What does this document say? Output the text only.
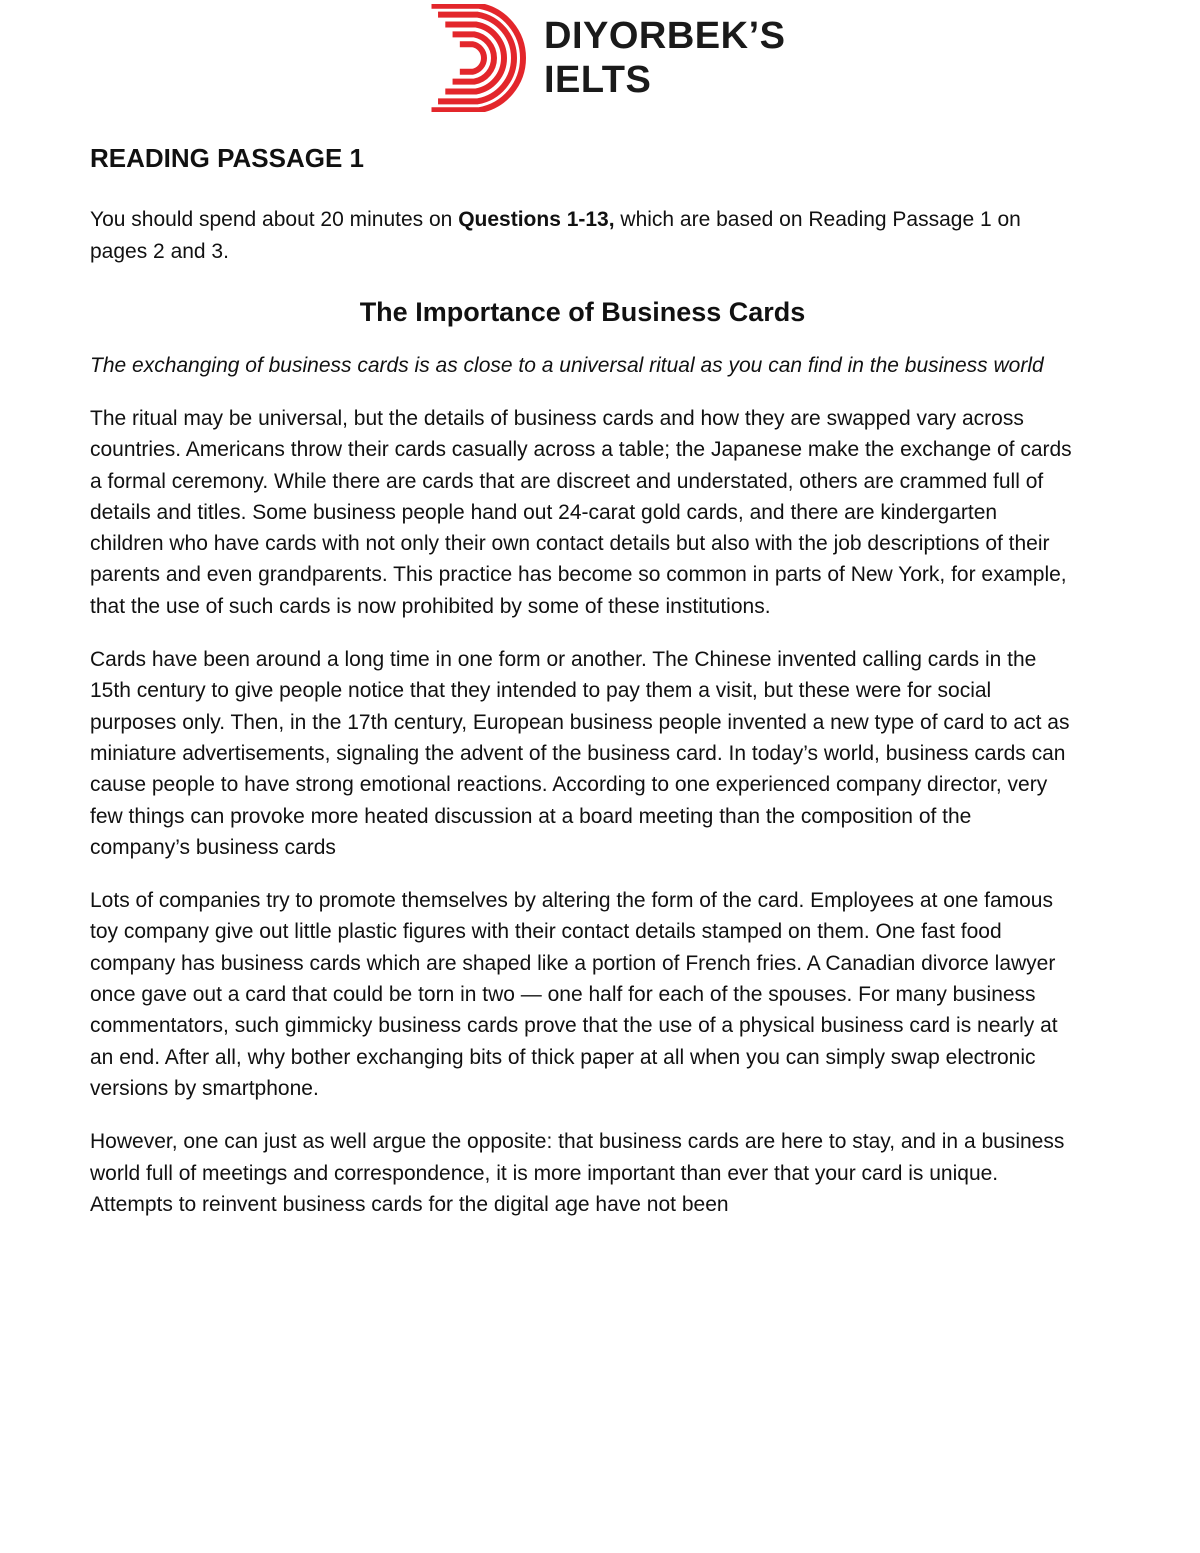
DIYORBEK’S
IELTS
READING PASSAGE 1

You should spend about 20 minutes on Questions 1-13, which are based on Reading Passage 1 on pages 2 and 3.

The Importance of Business Cards

The exchanging of business cards is as close to a universal ritual as you can find in the business world

The ritual may be universal, but the details of business cards and how they are swapped vary across countries. Americans throw their cards casually across a table; the Japanese make the exchange of cards a formal ceremony. While there are cards that are discreet and understated, others are crammed full of details and titles. Some business people hand out 24-carat gold cards, and there are kindergarten children who have cards with not only their own contact details but also with the job descriptions of their parents and even grandparents. This practice has become so common in parts of New York, for example, that the use of such cards is now prohibited by some of these institutions.

Cards have been around a long time in one form or another. The Chinese invented calling cards in the 15th century to give people notice that they intended to pay them a visit, but these were for social purposes only. Then, in the 17th century, European business people invented a new type of card to act as miniature advertisements, signaling the advent of the business card. In today’s world, business cards can cause people to have strong emotional reactions. According to one experienced company director, very few things can provoke more heated discussion at a board meeting than the composition of the company’s business cards

Lots of companies try to promote themselves by altering the form of the card. Employees at one famous toy company give out little plastic figures with their contact details stamped on them. One fast food company has business cards which are shaped like a portion of French fries. A Canadian divorce lawyer once gave out a card that could be torn in two — one half for each of the spouses. For many business commentators, such gimmicky business cards prove that the use of a physical business card is nearly at an end. After all, why bother exchanging bits of thick paper at all when you can simply swap electronic versions by smartphone.

However, one can just as well argue the opposite: that business cards are here to stay, and in a business world full of meetings and correspondence, it is more important than ever that your card is unique. Attempts to reinvent business cards for the digital age have not been
